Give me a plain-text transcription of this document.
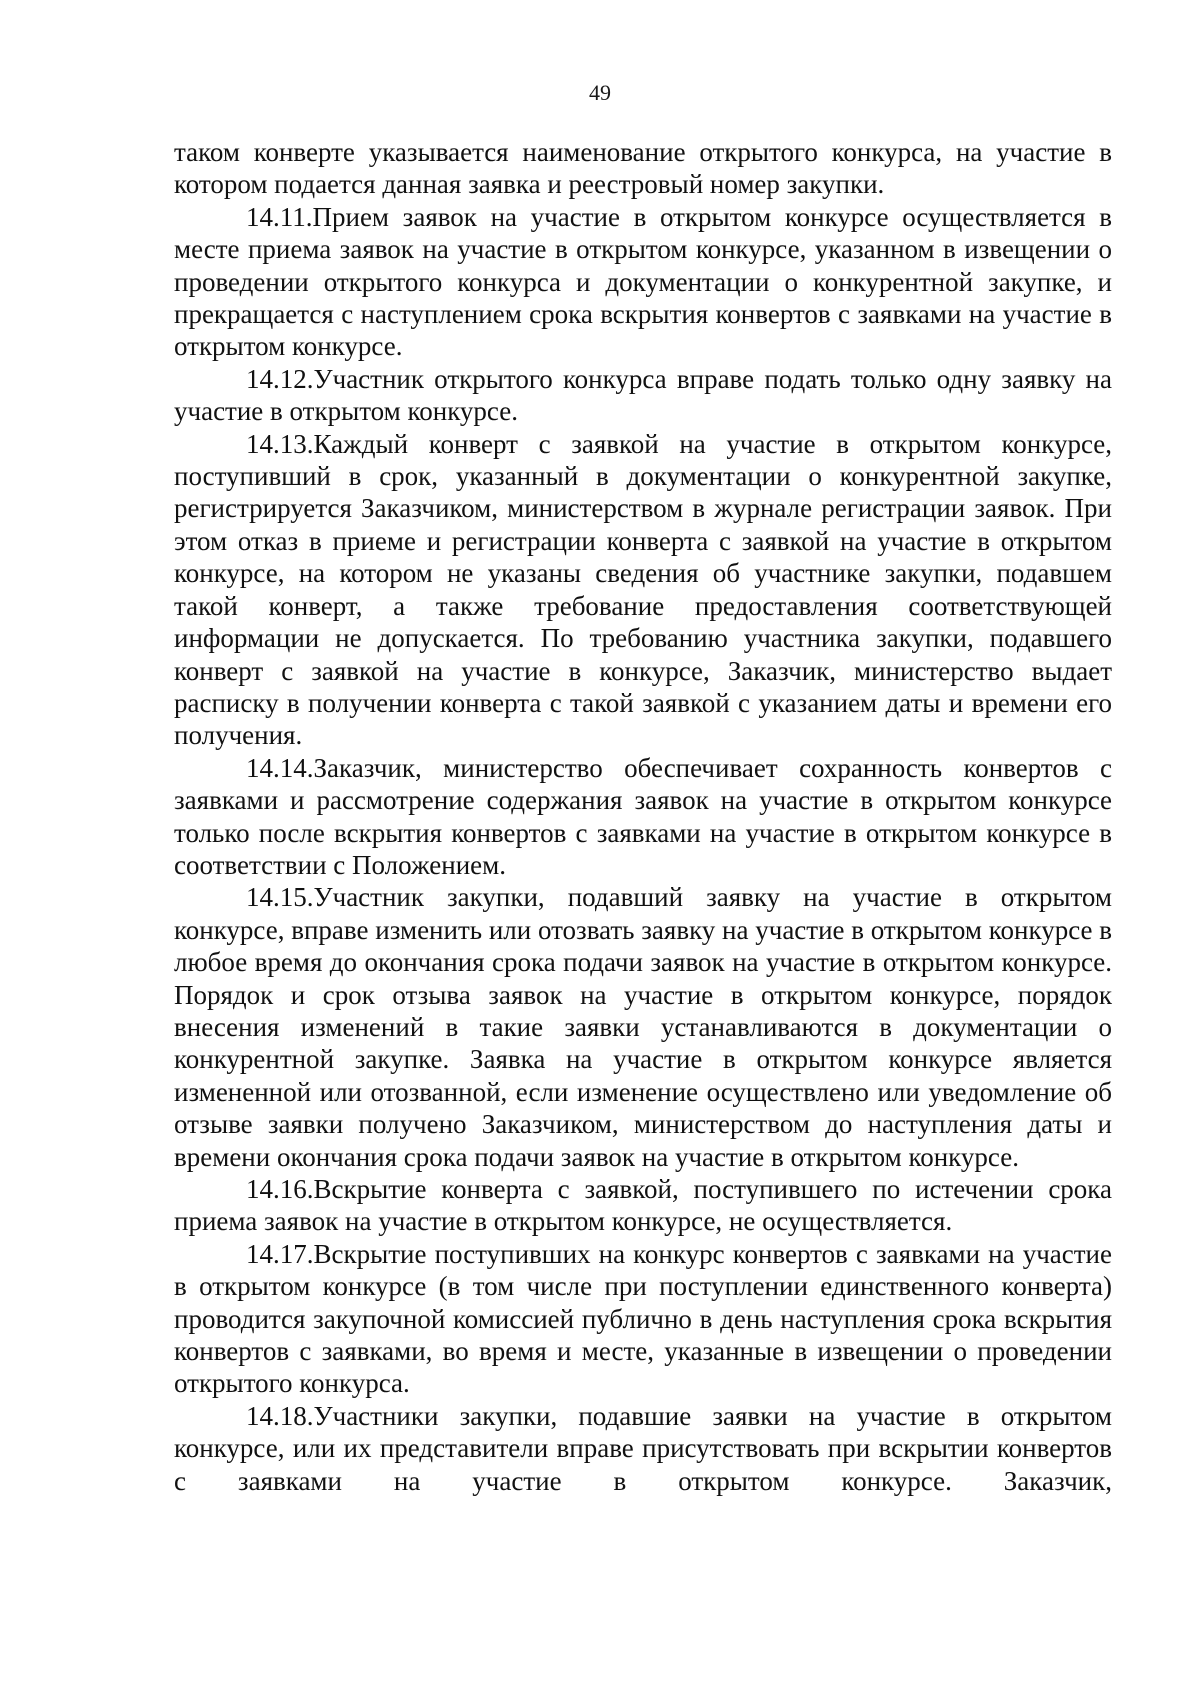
49

таком конверте указывается наименование открытого конкурса, на участие в котором подается данная заявка и реестровый номер закупки.

14.11.Прием заявок на участие в открытом конкурсе осуществляется в месте приема заявок на участие в открытом конкурсе, указанном в извещении о проведении открытого конкурса и документации о конкурентной закупке, и прекращается с наступлением срока вскрытия конвертов с заявками на участие в открытом конкурсе.

14.12.Участник открытого конкурса вправе подать только одну заявку на участие в открытом конкурсе.

14.13.Каждый конверт с заявкой на участие в открытом конкурсе, поступивший в срок, указанный в документации о конкурентной закупке, регистрируется Заказчиком, министерством в журнале регистрации заявок. При этом отказ в приеме и регистрации конверта с заявкой на участие в открытом конкурсе, на котором не указаны сведения об участнике закупки, подавшем такой конверт, а также требование предоставления соответствующей информации не допускается. По требованию участника закупки, подавшего конверт с заявкой на участие в конкурсе, Заказчик, министерство выдает расписку в получении конверта с такой заявкой с указанием даты и времени его получения.

14.14.Заказчик, министерство обеспечивает сохранность конвертов с заявками и рассмотрение содержания заявок на участие в открытом конкурсе только после вскрытия конвертов с заявками на участие в открытом конкурсе в соответствии с Положением.

14.15.Участник закупки, подавший заявку на участие в открытом конкурсе, вправе изменить или отозвать заявку на участие в открытом конкурсе в любое время до окончания срока подачи заявок на участие в открытом конкурсе. Порядок и срок отзыва заявок на участие в открытом конкурсе, порядок внесения изменений в такие заявки устанавливаются в документации о конкурентной закупке. Заявка на участие в открытом конкурсе является измененной или отозванной, если изменение осуществлено или уведомление об отзыве заявки получено Заказчиком, министерством до наступления даты и времени окончания срока подачи заявок на участие в открытом конкурсе.

14.16.Вскрытие конверта с заявкой, поступившего по истечении срока приема заявок на участие в открытом конкурсе, не осуществляется.

14.17.Вскрытие поступивших на конкурс конвертов с заявками на участие в открытом конкурсе (в том числе при поступлении единственного конверта) проводится закупочной комиссией публично в день наступления срока вскрытия конвертов с заявками, во время и месте, указанные в извещении о проведении открытого конкурса.

14.18.Участники закупки, подавшие заявки на участие в открытом конкурсе, или их представители вправе присутствовать при вскрытии конвертов с заявками на участие в открытом конкурсе. Заказчик,
